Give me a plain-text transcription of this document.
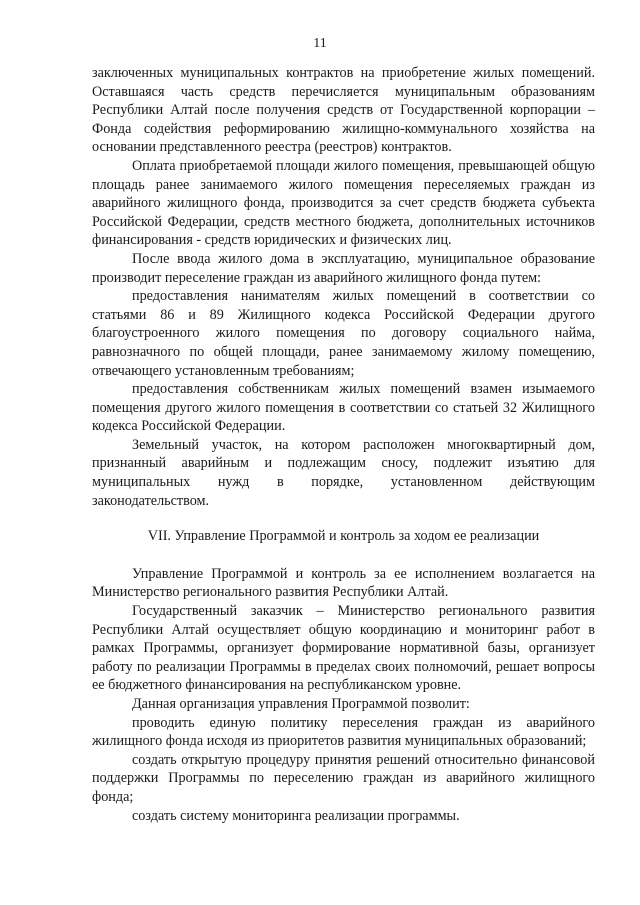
11

заключенных муниципальных контрактов на приобретение жилых помещений. Оставшаяся часть средств перечисляется муниципальным образованиям Республики Алтай после получения средств от Государственной корпорации – Фонда содействия реформированию жилищно-коммунального хозяйства на основании представленного реестра (реестров) контрактов.

Оплата приобретаемой площади жилого помещения, превышающей общую площадь ранее занимаемого жилого помещения переселяемых граждан из аварийного жилищного фонда, производится за счет средств бюджета субъекта Российской Федерации, средств местного бюджета, дополнительных источников финансирования - средств юридических и физических лиц.

После ввода жилого дома в эксплуатацию, муниципальное образование производит переселение граждан из аварийного жилищного фонда путем:

предоставления нанимателям жилых помещений в соответствии со статьями 86 и 89 Жилищного кодекса Российской Федерации другого благоустроенного жилого помещения по договору социального найма, равнозначного по общей площади, ранее занимаемому жилому помещению, отвечающего установленным требованиям;

предоставления собственникам жилых помещений взамен изымаемого помещения другого жилого помещения в соответствии со статьей 32 Жилищного кодекса Российской Федерации.

Земельный участок, на котором расположен многоквартирный дом, признанный аварийным и подлежащим сносу, подлежит изъятию для муниципальных нужд в порядке, установленном действующим законодательством.

VII. Управление Программой и контроль за ходом ее реализации

Управление Программой и контроль за ее исполнением возлагается на Министерство регионального развития Республики Алтай.

Государственный заказчик – Министерство регионального развития Республики Алтай осуществляет общую координацию и мониторинг работ в рамках Программы, организует формирование нормативной базы, организует работу по реализации Программы в пределах своих полномочий, решает вопросы ее бюджетного финансирования на республиканском уровне.

Данная организация управления Программой позволит:

проводить единую политику переселения граждан из аварийного жилищного фонда исходя из приоритетов развития муниципальных образований;

создать открытую процедуру принятия решений относительно финансовой поддержки Программы по переселению граждан из аварийного жилищного фонда;

создать систему мониторинга реализации программы.
